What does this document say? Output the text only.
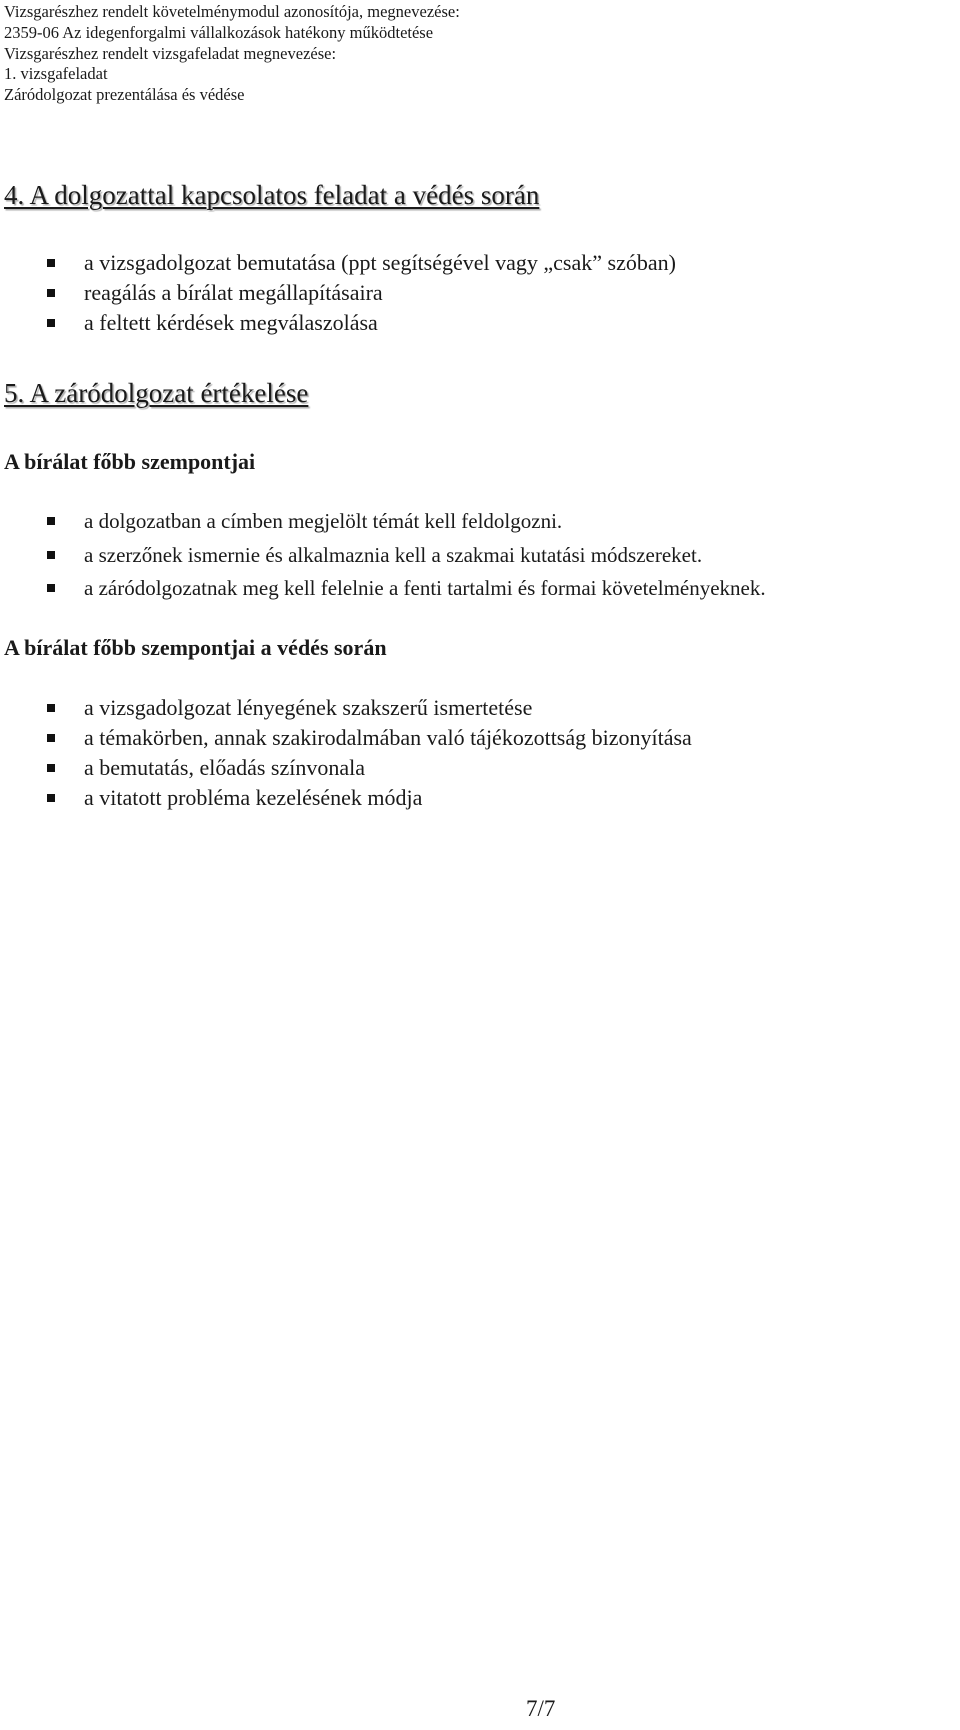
Vizsgarészhez rendelt követelménymodul azonosítója, megnevezése:
2359-06 Az idegenforgalmi vállalkozások hatékony működtetése
Vizsgarészhez rendelt vizsgafeladat megnevezése:
1. vizsgafeladat
Záródolgozat prezentálása és védése
4. A dolgozattal kapcsolatos feladat a védés során
a vizsgadolgozat bemutatása (ppt segítségével vagy „csak” szóban)
reagálás a bírálat megállapításaira
a feltett kérdések megválaszolása
5. A záródolgozat értékelése
A bírálat főbb szempontjai
a dolgozatban a címben megjelölt témát kell feldolgozni.
a szerzőnek ismernie és alkalmaznia kell a szakmai kutatási módszereket.
a záródolgozatnak meg kell felelnie a fenti tartalmi és formai követelményeknek.
A bírálat főbb szempontjai a védés során
a vizsgadolgozat lényegének szakszerű ismertetése
a témakörben, annak szakirodalmában való tájékozottság bizonyítása
a bemutatás, előadás színvonala
a vitatott probléma kezelésének módja
7/7
